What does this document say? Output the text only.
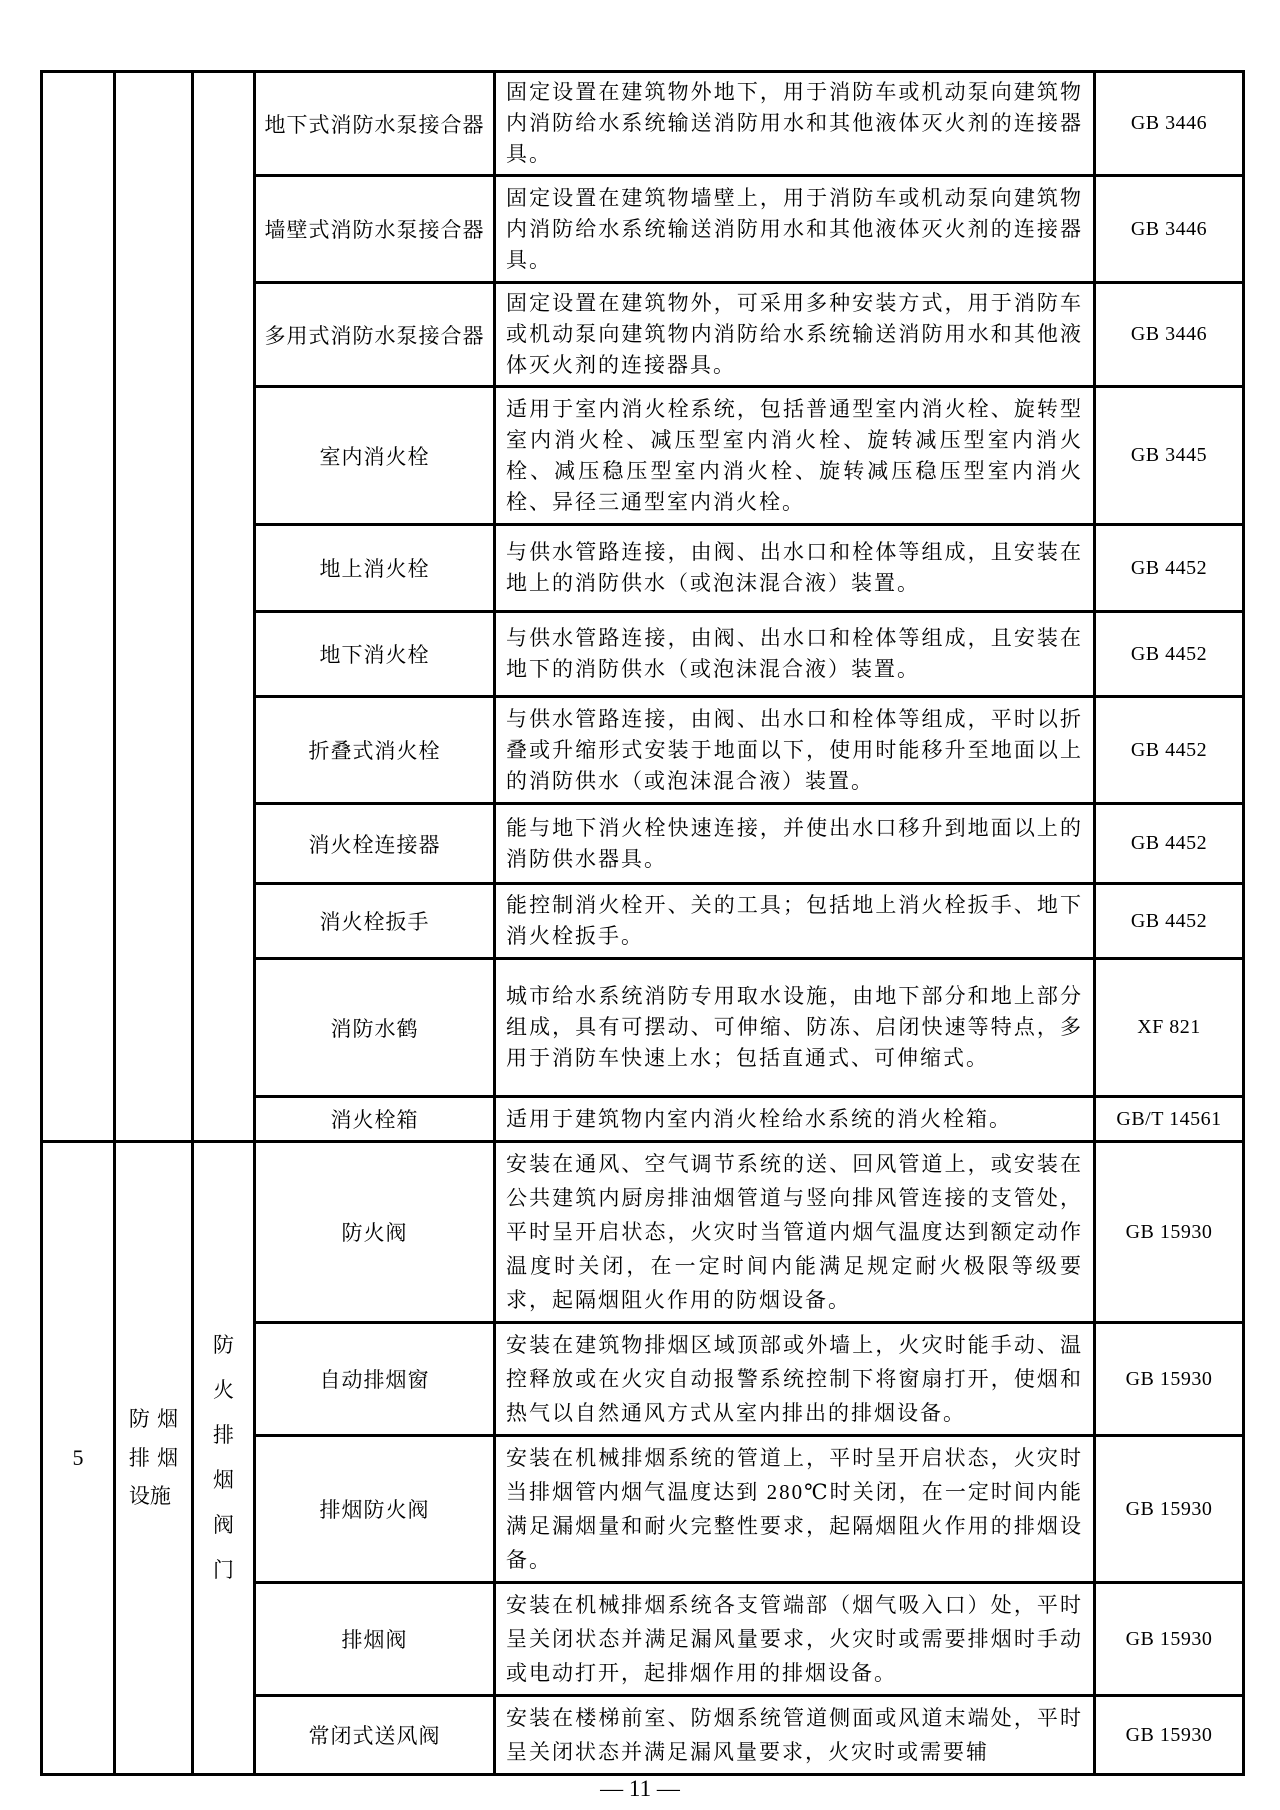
			地下式消防水泵接合器	固定设置在建筑物外地下，用于消防车或机动泵向建筑物内消防给水系统输送消防用水和其他液体灭火剂的连接器具。	GB 3446
			墙壁式消防水泵接合器	固定设置在建筑物墙壁上，用于消防车或机动泵向建筑物内消防给水系统输送消防用水和其他液体灭火剂的连接器具。	GB 3446
			多用式消防水泵接合器	固定设置在建筑物外，可采用多种安装方式，用于消防车或机动泵向建筑物内消防给水系统输送消防用水和其他液体灭火剂的连接器具。	GB 3446
			室内消火栓	适用于室内消火栓系统，包括普通型室内消火栓、旋转型室内消火栓、减压型室内消火栓、旋转减压型室内消火栓、减压稳压型室内消火栓、旋转减压稳压型室内消火栓、异径三通型室内消火栓。	GB 3445
			地上消火栓	与供水管路连接，由阀、出水口和栓体等组成，且安装在地上的消防供水（或泡沫混合液）装置。	GB 4452
			地下消火栓	与供水管路连接，由阀、出水口和栓体等组成，且安装在地下的消防供水（或泡沫混合液）装置。	GB 4452
			折叠式消火栓	与供水管路连接，由阀、出水口和栓体等组成，平时以折叠或升缩形式安装于地面以下，使用时能移升至地面以上的消防供水（或泡沫混合液）装置。	GB 4452
			消火栓连接器	能与地下消火栓快速连接，并使出水口移升到地面以上的消防供水器具。	GB 4452
			消火栓扳手	能控制消火栓开、关的工具；包括地上消火栓扳手、地下消火栓扳手。	GB 4452
			消防水鹤	城市给水系统消防专用取水设施，由地下部分和地上部分组成，具有可摆动、可伸缩、防冻、启闭快速等特点，多用于消防车快速上水；包括直通式、可伸缩式。	XF 821
			消火栓箱	适用于建筑物内室内消火栓给水系统的消火栓箱。	GB/T 14561
5	防烟排烟设施	防火排烟阀门	防火阀	安装在通风、空气调节系统的送、回风管道上，或安装在公共建筑内厨房排油烟管道与竖向排风管连接的支管处，平时呈开启状态，火灾时当管道内烟气温度达到额定动作温度时关闭，在一定时间内能满足规定耐火极限等级要求，起隔烟阻火作用的防烟设备。	GB 15930
			自动排烟窗	安装在建筑物排烟区域顶部或外墙上，火灾时能手动、温控释放或在火灾自动报警系统控制下将窗扇打开，使烟和热气以自然通风方式从室内排出的排烟设备。	GB 15930
			排烟防火阀	安装在机械排烟系统的管道上，平时呈开启状态，火灾时当排烟管内烟气温度达到 280℃时关闭，在一定时间内能满足漏烟量和耐火完整性要求，起隔烟阻火作用的排烟设备。	GB 15930
			排烟阀	安装在机械排烟系统各支管端部（烟气吸入口）处，平时呈关闭状态并满足漏风量要求，火灾时或需要排烟时手动或电动打开，起排烟作用的排烟设备。	GB 15930
			常闭式送风阀	安装在楼梯前室、防烟系统管道侧面或风道末端处，平时呈关闭状态并满足漏风量要求，火灾时或需要辅	GB 15930
— 11 —
